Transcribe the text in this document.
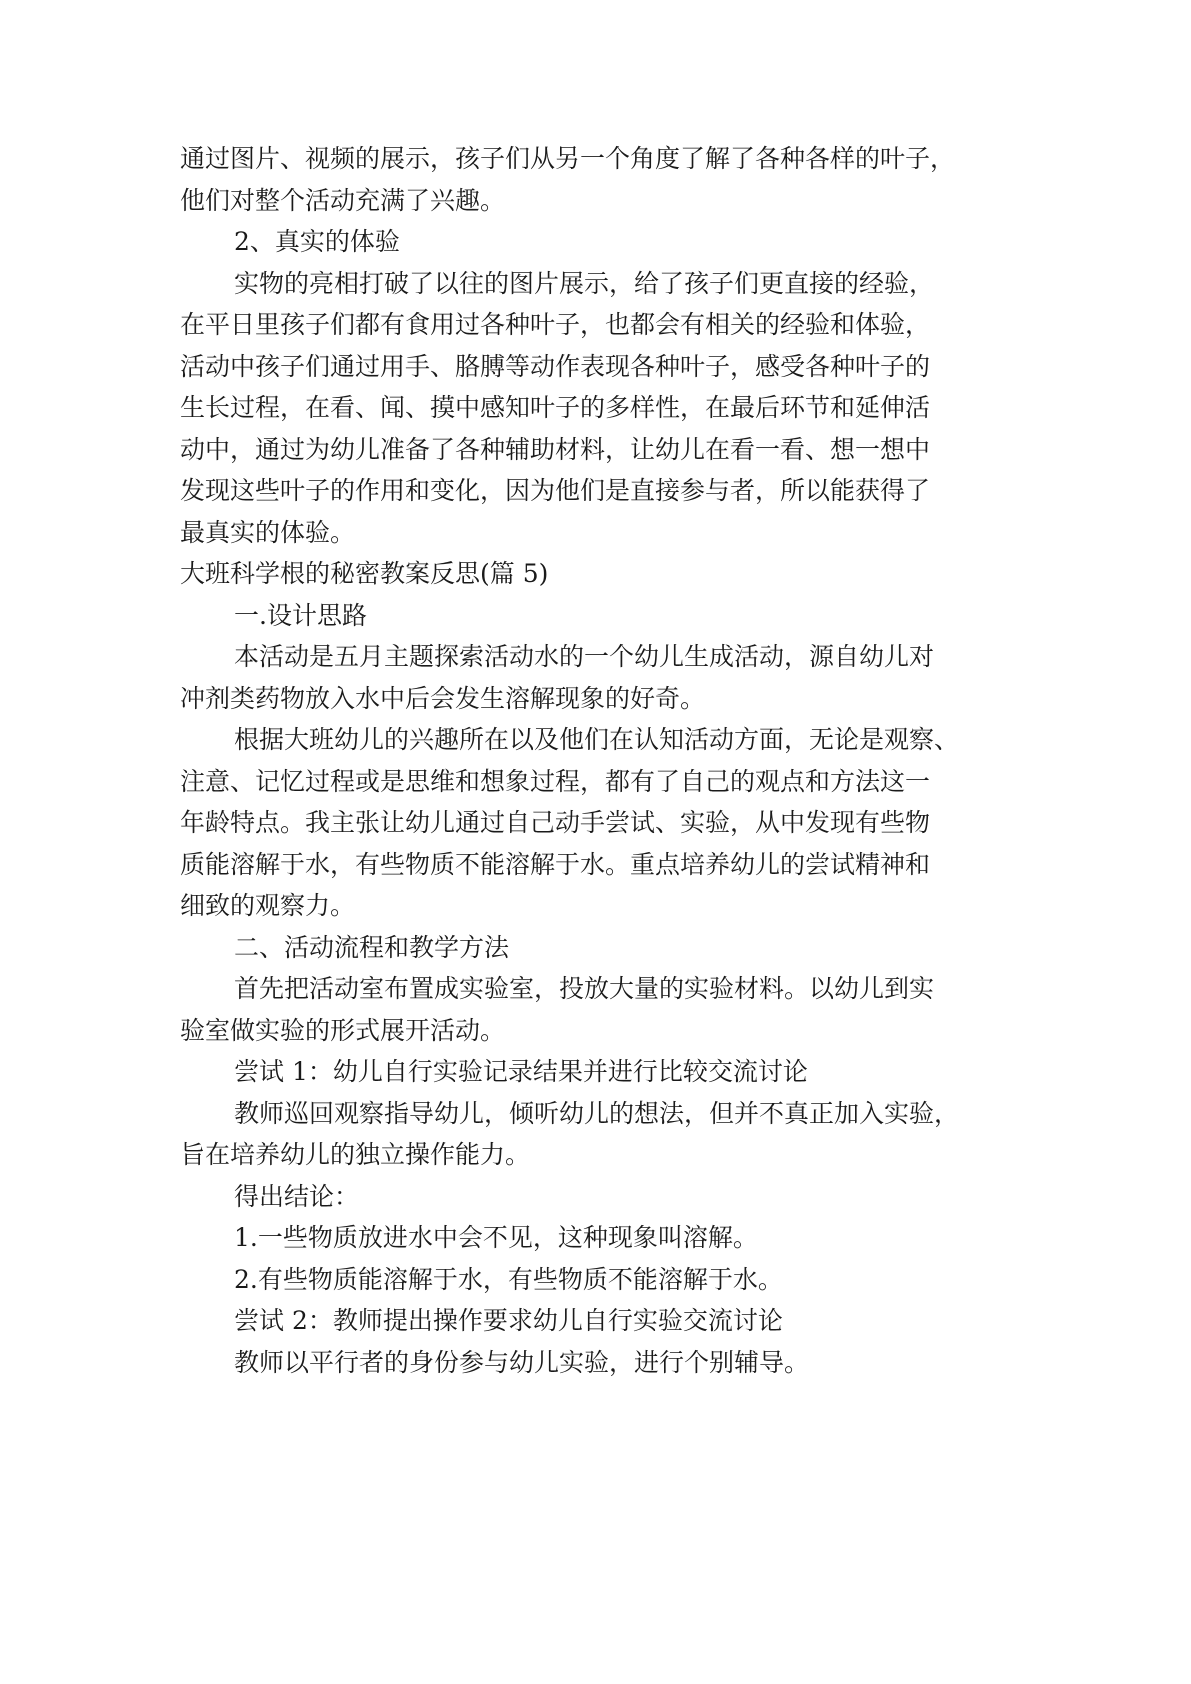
通过图片、视频的展示，孩子们从另一个角度了解了各种各样的叶子，

他们对整个活动充满了兴趣。

2、真实的体验

实物的亮相打破了以往的图片展示，给了孩子们更直接的经验，

在平日里孩子们都有食用过各种叶子，也都会有相关的经验和体验，

活动中孩子们通过用手、胳膊等动作表现各种叶子，感受各种叶子的

生长过程，在看、闻、摸中感知叶子的多样性，在最后环节和延伸活

动中，通过为幼儿准备了各种辅助材料，让幼儿在看一看、想一想中

发现这些叶子的作用和变化，因为他们是直接参与者，所以能获得了

最真实的体验。

大班科学根的秘密教案反思(篇 5)

一.设计思路

本活动是五月主题探索活动水的一个幼儿生成活动，源自幼儿对

冲剂类药物放入水中后会发生溶解现象的好奇。

根据大班幼儿的兴趣所在以及他们在认知活动方面，无论是观察、

注意、记忆过程或是思维和想象过程，都有了自己的观点和方法这一

年龄特点。我主张让幼儿通过自己动手尝试、实验，从中发现有些物

质能溶解于水，有些物质不能溶解于水。重点培养幼儿的尝试精神和

细致的观察力。

二、活动流程和教学方法

首先把活动室布置成实验室，投放大量的实验材料。以幼儿到实

验室做实验的形式展开活动。

尝试 1：幼儿自行实验记录结果并进行比较交流讨论

教师巡回观察指导幼儿，倾听幼儿的想法，但并不真正加入实验，

旨在培养幼儿的独立操作能力。

得出结论：

1.一些物质放进水中会不见，这种现象叫溶解。

2.有些物质能溶解于水，有些物质不能溶解于水。

尝试 2：教师提出操作要求幼儿自行实验交流讨论

教师以平行者的身份参与幼儿实验，进行个别辅导。
